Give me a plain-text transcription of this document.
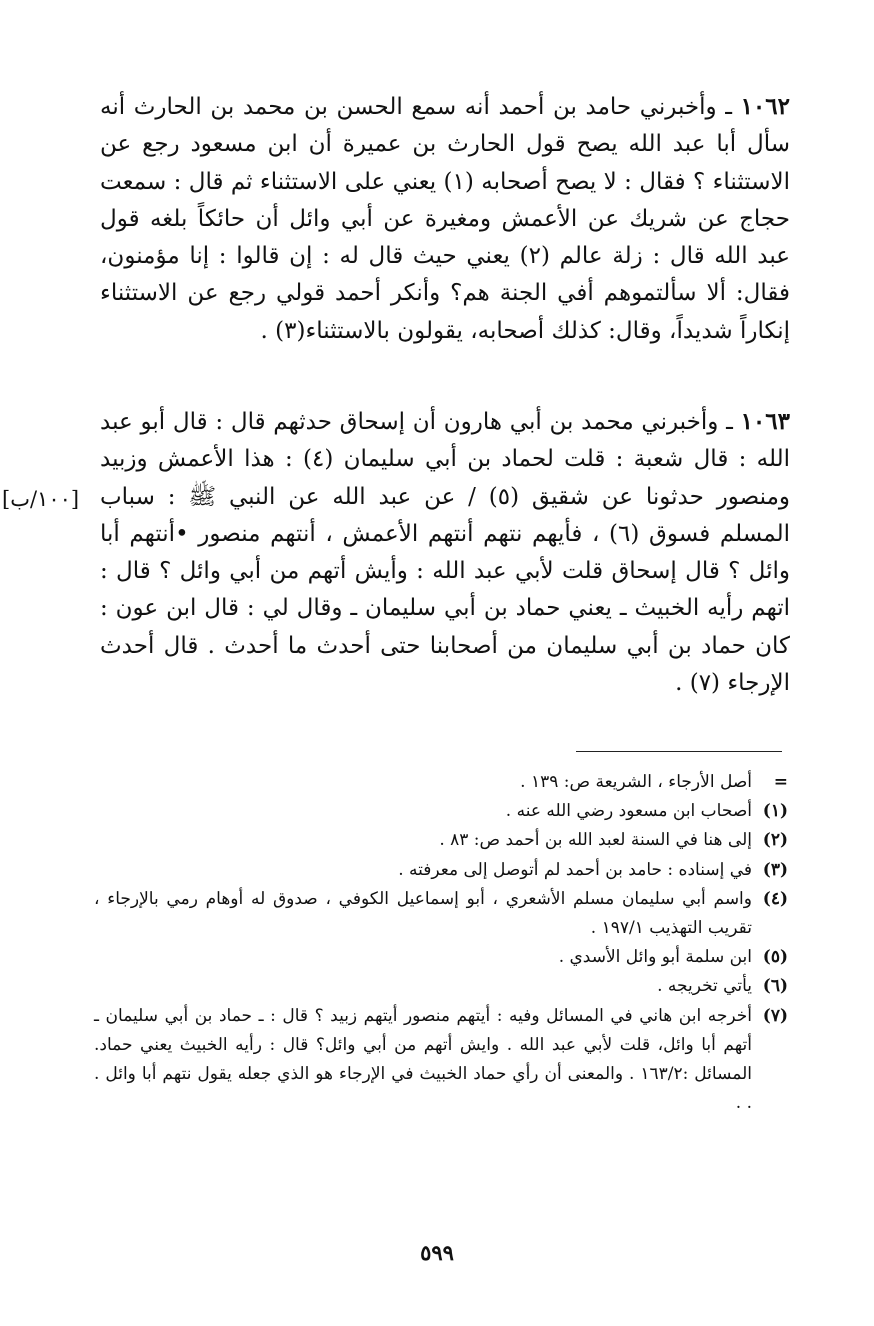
١٠٦٢ ـ وأخبرني حامد بن أحمد أنه سمع الحسن بن محمد بن الحارث أنه سأل أبا عبد الله يصح قول الحارث بن عميرة أن ابن مسعود رجع عن الاستثناء ؟ فقال : لا يصح أصحابه (١) يعني على الاستثناء ثم قال : سمعت حجاج عن شريك عن الأعمش ومغيرة عن أبي وائل أن حائكاً بلغه قول عبد الله قال : زلة عالم (٢) يعني حيث قال له : إن قالوا : إنا مؤمنون، فقال: ألا سألتموهم أفي الجنة هم؟ وأنكر أحمد قولي رجع عن الاستثناء إنكاراً شديداً، وقال: كذلك أصحابه، يقولون بالاستثناء(٣) .
١٠٦٣ ـ وأخبرني محمد بن أبي هارون أن إسحاق حدثهم قال : قال أبو عبد الله : قال شعبة : قلت لحماد بن أبي سليمان (٤) : هذا الأعمش وزبيد ومنصور حدثونا عن شقيق (٥) / عن عبد الله عن النبي ﷺ : سباب المسلم فسوق (٦) ، فأيهم نتهم أنتهم الأعمش ، أنتهم منصور •أنتهم أبا وائل ؟ قال إسحاق قلت لأبي عبد الله : وأيش أتهم من أبي وائل ؟ قال : اتهم رأيه الخبيث ـ يعني حماد بن أبي سليمان ـ وقال لي : قال ابن عون : كان حماد بن أبي سليمان من أصحابنا حتى أحدث ما أحدث . قال أحدث الإرجاء (٧) .
[١٠٠/ب]
=
أصل الأرجاء ، الشريعة ص: ١٣٩ .
(١)
أصحاب ابن مسعود رضي الله عنه .
(٢)
إلى هنا في السنة لعبد الله بن أحمد ص: ٨٣ .
(٣)
في إسناده : حامد بن أحمد لم أتوصل إلى معرفته .
(٤)
واسم أبي سليمان مسلم الأشعري ، أبو إسماعيل الكوفي ، صدوق له أوهام رمي بالإرجاء ، تقريب التهذيب ١٩٧/١ .
(٥)
ابن سلمة أبو وائل الأسدي .
(٦)
يأتي تخريجه .
(٧)
أخرجه ابن هاني في المسائل وفيه : أيتهم منصور أيتهم زبيد ؟ قال : ـ حماد بن أبي سليمان ـ أتهم أبا وائل، قلت لأبي عبد الله . وايش أتهم من أبي وائل؟ قال : رأيه الخبيث يعني حماد. المسائل :١٦٣/٢ . والمعنى أن رأي حماد الخبيث في الإرجاء هو الذي جعله يقول نتهم أبا وائل . . .
٥٩٩
